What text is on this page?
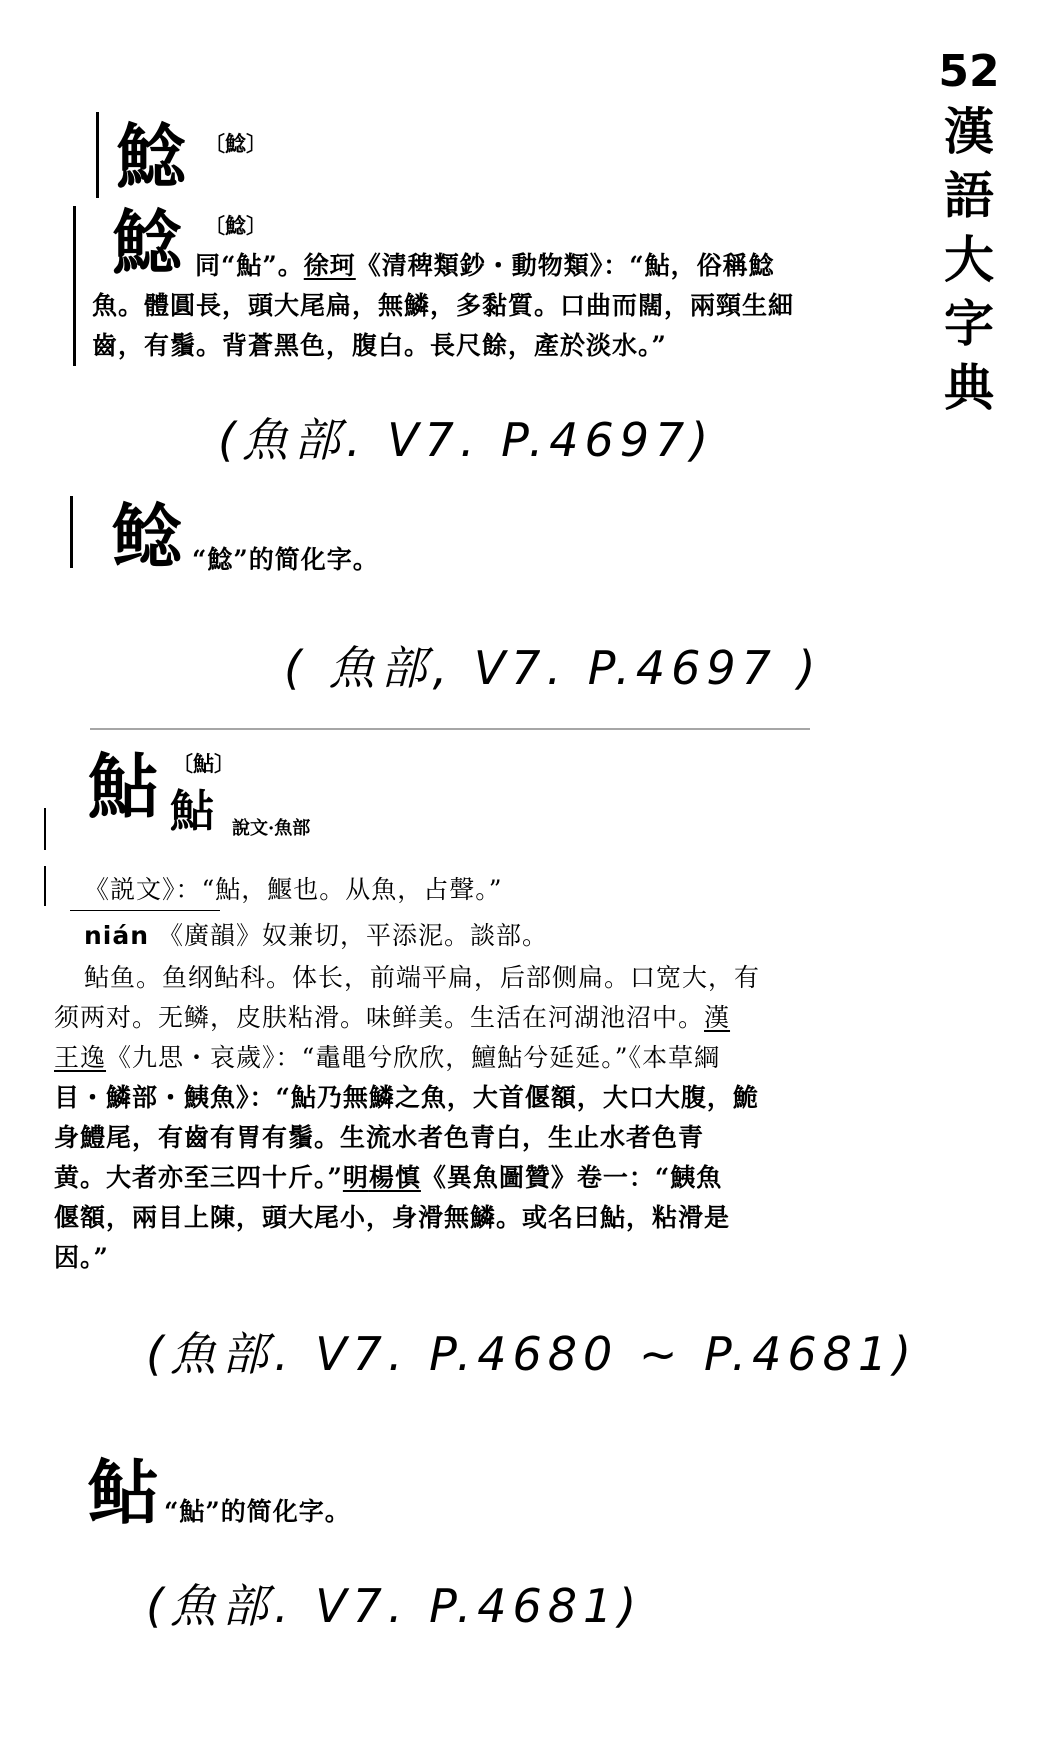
52
漢
語
大
字
典
鯰 〔鯰〕
鯰 〔鯰〕
同“鮎”。徐珂《清稗類鈔・動物類》：“鮎，俗稱鯰
魚。體圓長，頭大尾扁，無鱗，多黏質。口曲而闊，兩頸生細
齒，有鬚。背蒼黑色，腹白。長尺餘，產於淡水。”
(魚部. V7. P.4697)
鲶 “鯰”的简化字。
( 魚部, V7. P.4697 )
鮎 〔鮎〕
鮎 說文·魚部
《説文》：“鮎，鰋也。从魚，占聲。”
nián 《廣韻》奴兼切，平添泥。談部。
鲇鱼。鱼纲鲇科。体长，前端平扁，后部侧扁。口宽大，有
须两对。无鳞，皮肤粘滑。味鲜美。生活在河湖池沼中。漢
王逸《九思・哀歲》：“鼃黽兮欣欣，鱣鮎兮延延。”《本草綱
目・鱗部・鮧魚》：“鮎乃無鱗之魚，大首偃額，大口大腹，鮠
身鱧尾，有齒有胃有鬚。生流水者色青白，生止水者色青
黄。大者亦至三四十斤。”明楊慎《異魚圖贊》卷一：“鮧魚
偃額，兩目上陳，頭大尾小，身滑無鱗。或名曰鮎，粘滑是
因。”
(魚部. V7. P.4680 ~ P.4681)
鲇 “鮎”的简化字。
(魚部. V7. P.4681)
